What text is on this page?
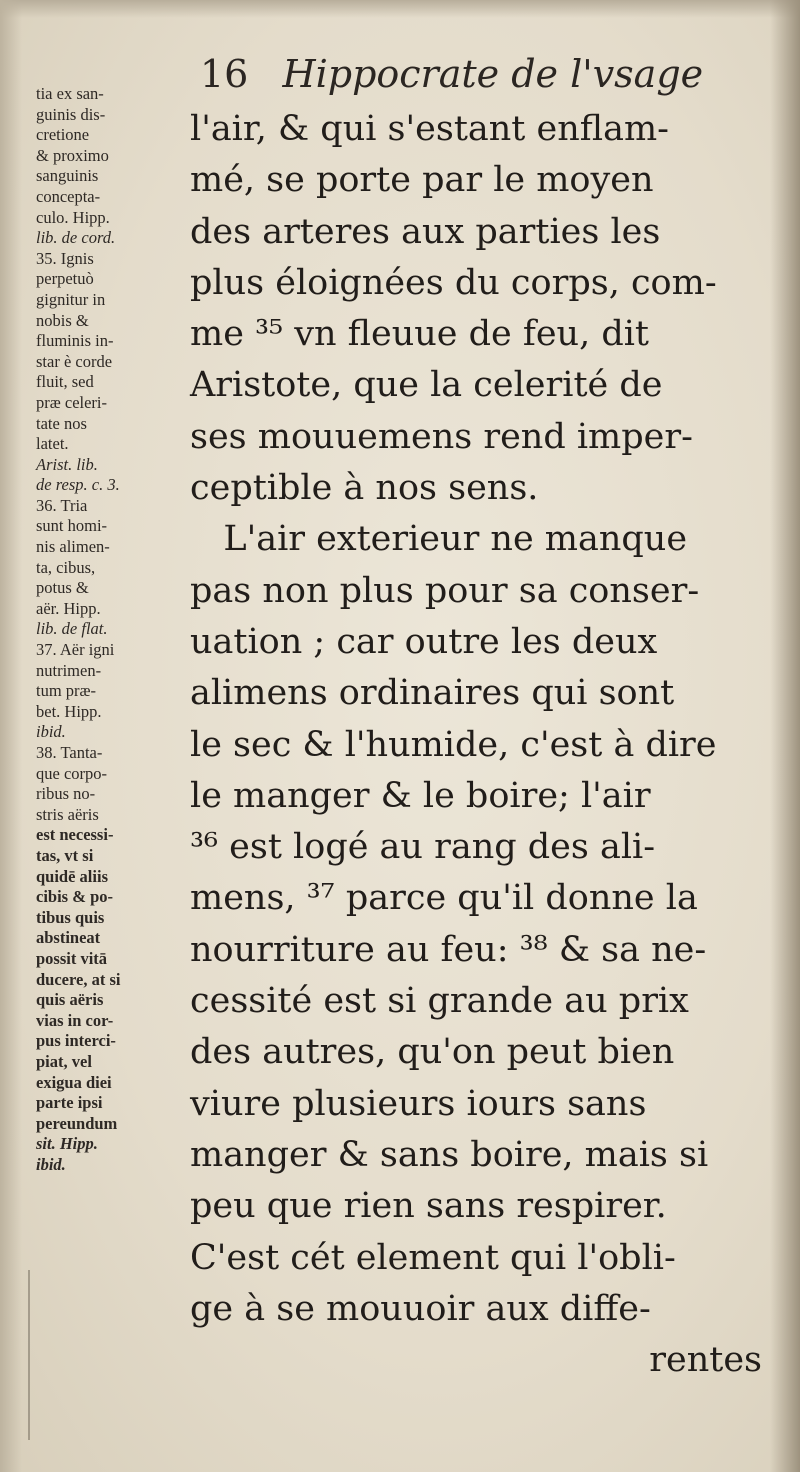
16 Hippocrate de l'vsage
tia ex san-
guinis dis-
cretione
& proximo
sanguinis
concepta-
culo. Hipp.
lib. de cord.
35. Ignis
perpetuò
gignitur in
nobis &
fluminis in-
star è corde
fluit, sed
præ celeri-
tate nos
latet.
Arist. lib.
de resp. c. 3.
36. Tria
sunt homi-
nis alimen-
ta, cibus,
potus &
aër. Hipp.
lib. de flat.
37. Aër igni
nutrimen-
tum præ-
bet. Hipp.
ibid.
38. Tanta-
que corpo-
ribus no-
stris aëris
est necessi-
tas, vt si
quidē aliis
cibis & po-
tibus quis
abstineat
possit vitā
ducere, at si
quis aëris
vias in cor-
pus interci-
piat, vel
exigua diei
parte ipsi
pereundum
sit. Hipp.
ibid.
l'air, & qui s'estant enflam-
mé, se porte par le moyen
des arteres aux parties les
plus éloignées du corps, com-
me ³⁵ vn fleuue de feu, dit
Aristote, que la celerité de
ses mouuemens rend imper-
ceptible à nos sens.
L'air exterieur ne manque
pas non plus pour sa conser-
uation ; car outre les deux
alimens ordinaires qui sont
le sec & l'humide, c'est à dire
le manger & le boire; l'air
³⁶ est logé au rang des ali-
mens, ³⁷ parce qu'il donne la
nourriture au feu: ³⁸ & sa ne-
cessité est si grande au prix
des autres, qu'on peut bien
viure plusieurs iours sans
manger & sans boire, mais si
peu que rien sans respirer.
C'est cét element qui l'obli-
ge à se mouuoir aux diffe-
rentes
